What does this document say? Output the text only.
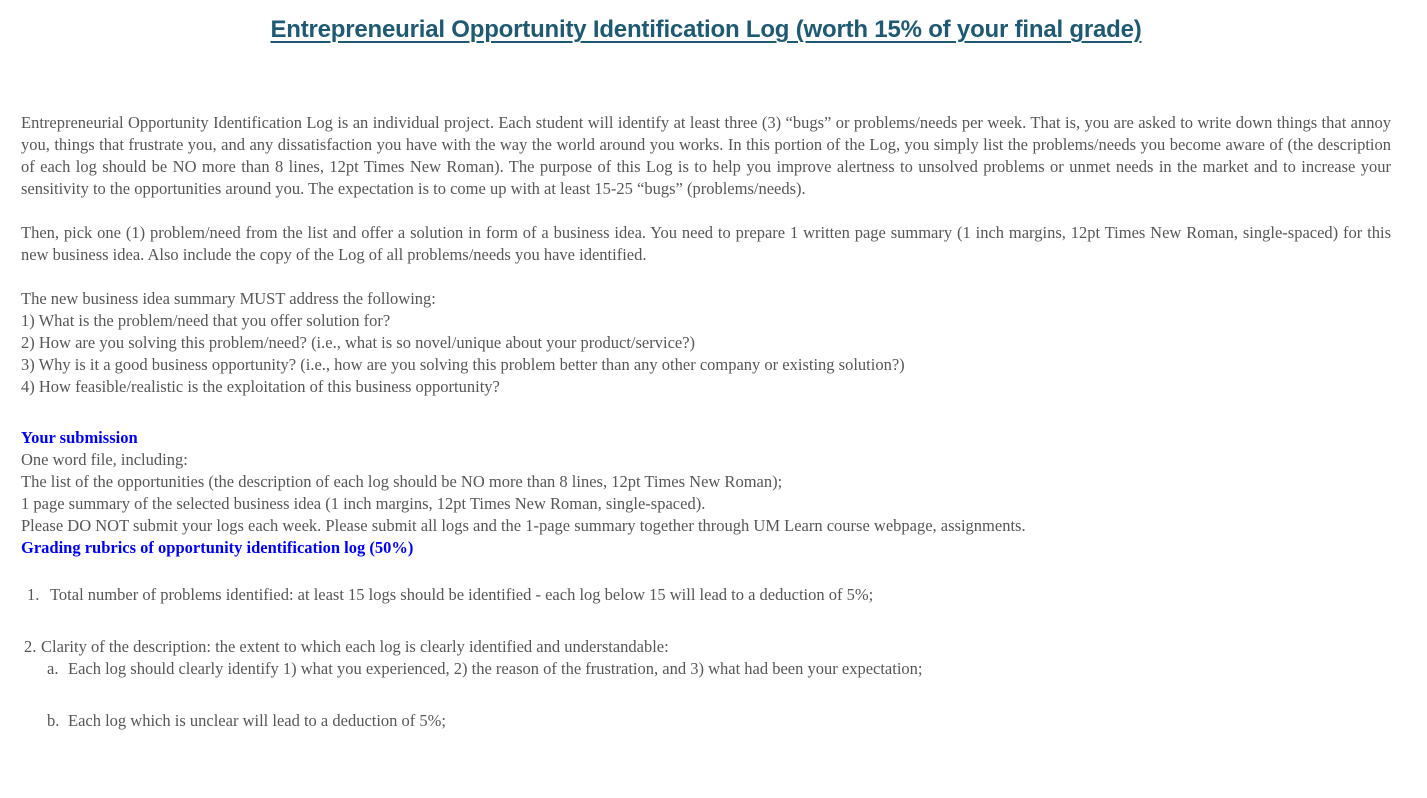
Entrepreneurial Opportunity Identification Log (worth 15% of your final grade)

Entrepreneurial Opportunity Identification Log is an individual project. Each student will identify at least three (3) “bugs” or problems/needs per week. That is, you are asked to write down things that annoy you, things that frustrate you, and any dissatisfaction you have with the way the world around you works. In this portion of the Log, you simply list the problems/needs you become aware of (the description of each log should be NO more than 8 lines, 12pt Times New Roman). The purpose of this Log is to help you improve alertness to unsolved problems or unmet needs in the market and to increase your sensitivity to the opportunities around you. The expectation is to come up with at least 15-25 “bugs” (problems/needs).

Then, pick one (1) problem/need from the list and offer a solution in form of a business idea. You need to prepare 1 written page summary (1 inch margins, 12pt Times New Roman, single-spaced) for this new business idea. Also include the copy of the Log of all problems/needs you have identified.

The new business idea summary MUST address the following:

1) What is the problem/need that you offer solution for?

2) How are you solving this problem/need? (i.e., what is so novel/unique about your product/service?)

3) Why is it a good business opportunity? (i.e., how are you solving this problem better than any other company or existing solution?)

4) How feasible/realistic is the exploitation of this business opportunity?

Your submission

One word file, including:

The list of the opportunities (the description of each log should be NO more than 8 lines, 12pt Times New Roman);

1 page summary of the selected business idea (1 inch margins, 12pt Times New Roman, single-spaced).

Please DO NOT submit your logs each week. Please submit all logs and the 1-page summary together through UM Learn course webpage, assignments.

Grading rubrics of opportunity identification log (50%)

1. Total number of problems identified: at least 15 logs should be identified - each log below 15 will lead to a deduction of 5%;
2. Clarity of the description: the extent to which each log is clearly identified and understandable:
a. Each log should clearly identify 1) what you experienced, 2) the reason of the frustration, and 3) what had been your expectation;
b. Each log which is unclear will lead to a deduction of 5%;
